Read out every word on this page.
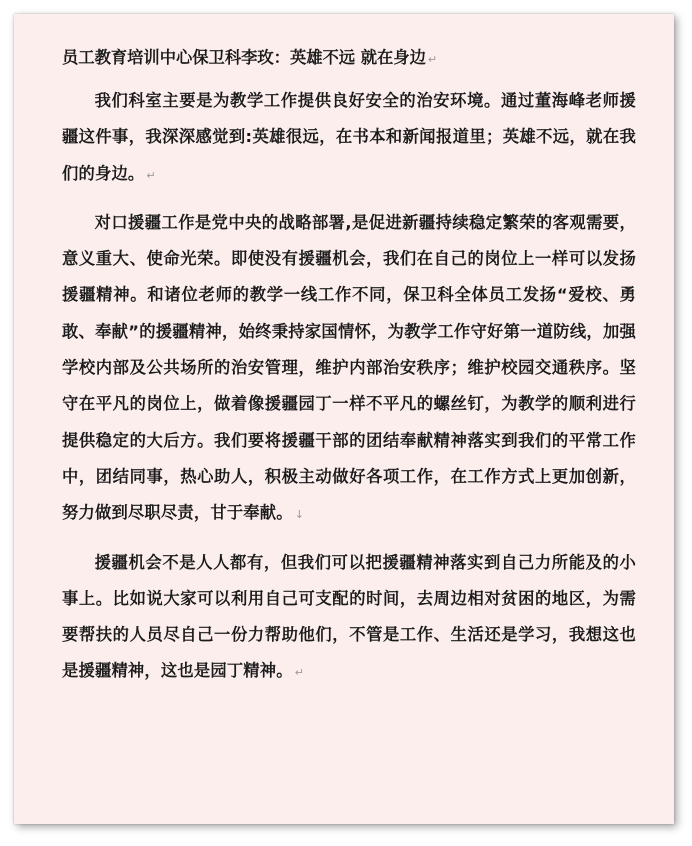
员工教育培训中心保卫科李玫：英雄不远 就在身边 ↵

我们科室主要是为教学工作提供良好安全的治安环境。通过董海峰老师援疆这件事，我深深感觉到:英雄很远，在书本和新闻报道里；英雄不远，就在我们的身边。 ↵

对口援疆工作是党中央的战略部署,是促进新疆持续稳定繁荣的客观需要，意义重大、使命光荣。即使没有援疆机会，我们在自己的岗位上一样可以发扬援疆精神。和诸位老师的教学一线工作不同，保卫科全体员工发扬“爱校、勇敢、奉献”的援疆精神，始终秉持家国情怀，为教学工作守好第一道防线，加强学校内部及公共场所的治安管理，维护内部治安秩序；维护校园交通秩序。坚守在平凡的岗位上，做着像援疆园丁一样不平凡的螺丝钉，为教学的顺利进行提供稳定的大后方。我们要将援疆干部的团结奉献精神落实到我们的平常工作中，团结同事，热心助人，积极主动做好各项工作，在工作方式上更加创新，努力做到尽职尽责，甘于奉献。 ↓

援疆机会不是人人都有，但我们可以把援疆精神落实到自己力所能及的小事上。比如说大家可以利用自己可支配的时间，去周边相对贫困的地区，为需要帮扶的人员尽自己一份力帮助他们，不管是工作、生活还是学习，我想这也是援疆精神，这也是园丁精神。 ↵
